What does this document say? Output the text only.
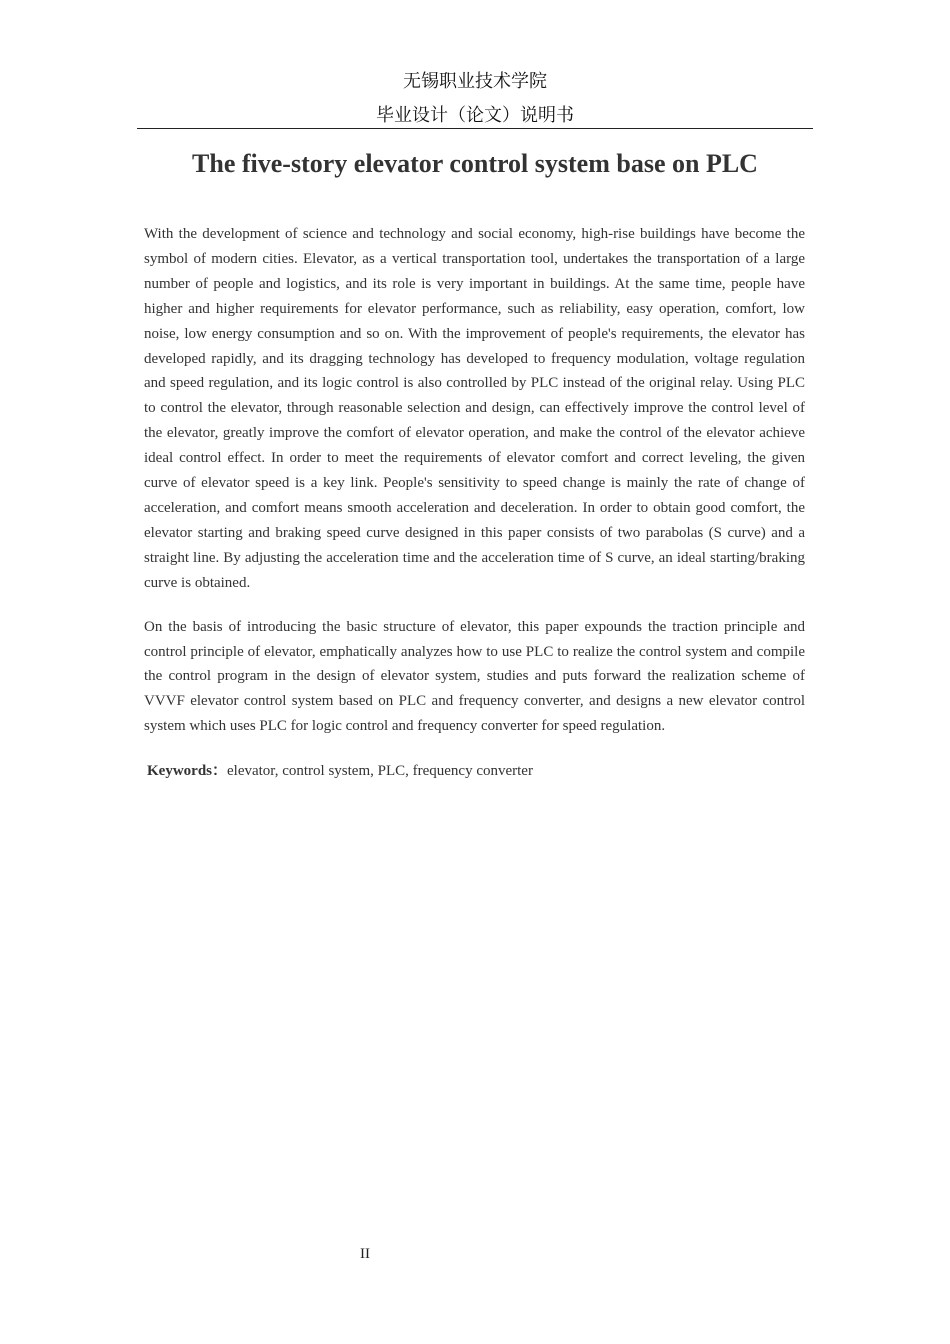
无锡职业技术学院
毕业设计（论文）说明书
The five-story elevator control system base on PLC

With the development of science and technology and social economy, high-rise buildings have become the symbol of modern cities. Elevator, as a vertical transportation tool, undertakes the transportation of a large number of people and logistics, and its role is very important in buildings. At the same time, people have higher and higher requirements for elevator performance, such as reliability, easy operation, comfort, low noise, low energy consumption and so on. With the improvement of people's requirements, the elevator has developed rapidly, and its dragging technology has developed to frequency modulation, voltage regulation and speed regulation, and its logic control is also controlled by PLC instead of the original relay. Using PLC to control the elevator, through reasonable selection and design, can effectively improve the control level of the elevator, greatly improve the comfort of elevator operation, and make the control of the elevator achieve ideal control effect. In order to meet the requirements of elevator comfort and correct leveling, the given curve of elevator speed is a key link. People's sensitivity to speed change is mainly the rate of change of acceleration, and comfort means smooth acceleration and deceleration. In order to obtain good comfort, the elevator starting and braking speed curve designed in this paper consists of two parabolas (S curve) and a straight line. By adjusting the acceleration time and the acceleration time of S curve, an ideal starting/braking curve is obtained.

On the basis of introducing the basic structure of elevator, this paper expounds the traction principle and control principle of elevator, emphatically analyzes how to use PLC to realize the control system and compile the control program in the design of elevator system, studies and puts forward the realization scheme of VVVF elevator control system based on PLC and frequency converter, and designs a new elevator control system which uses PLC for logic control and frequency converter for speed regulation.

Keywords：elevator, control system, PLC, frequency converter
II
